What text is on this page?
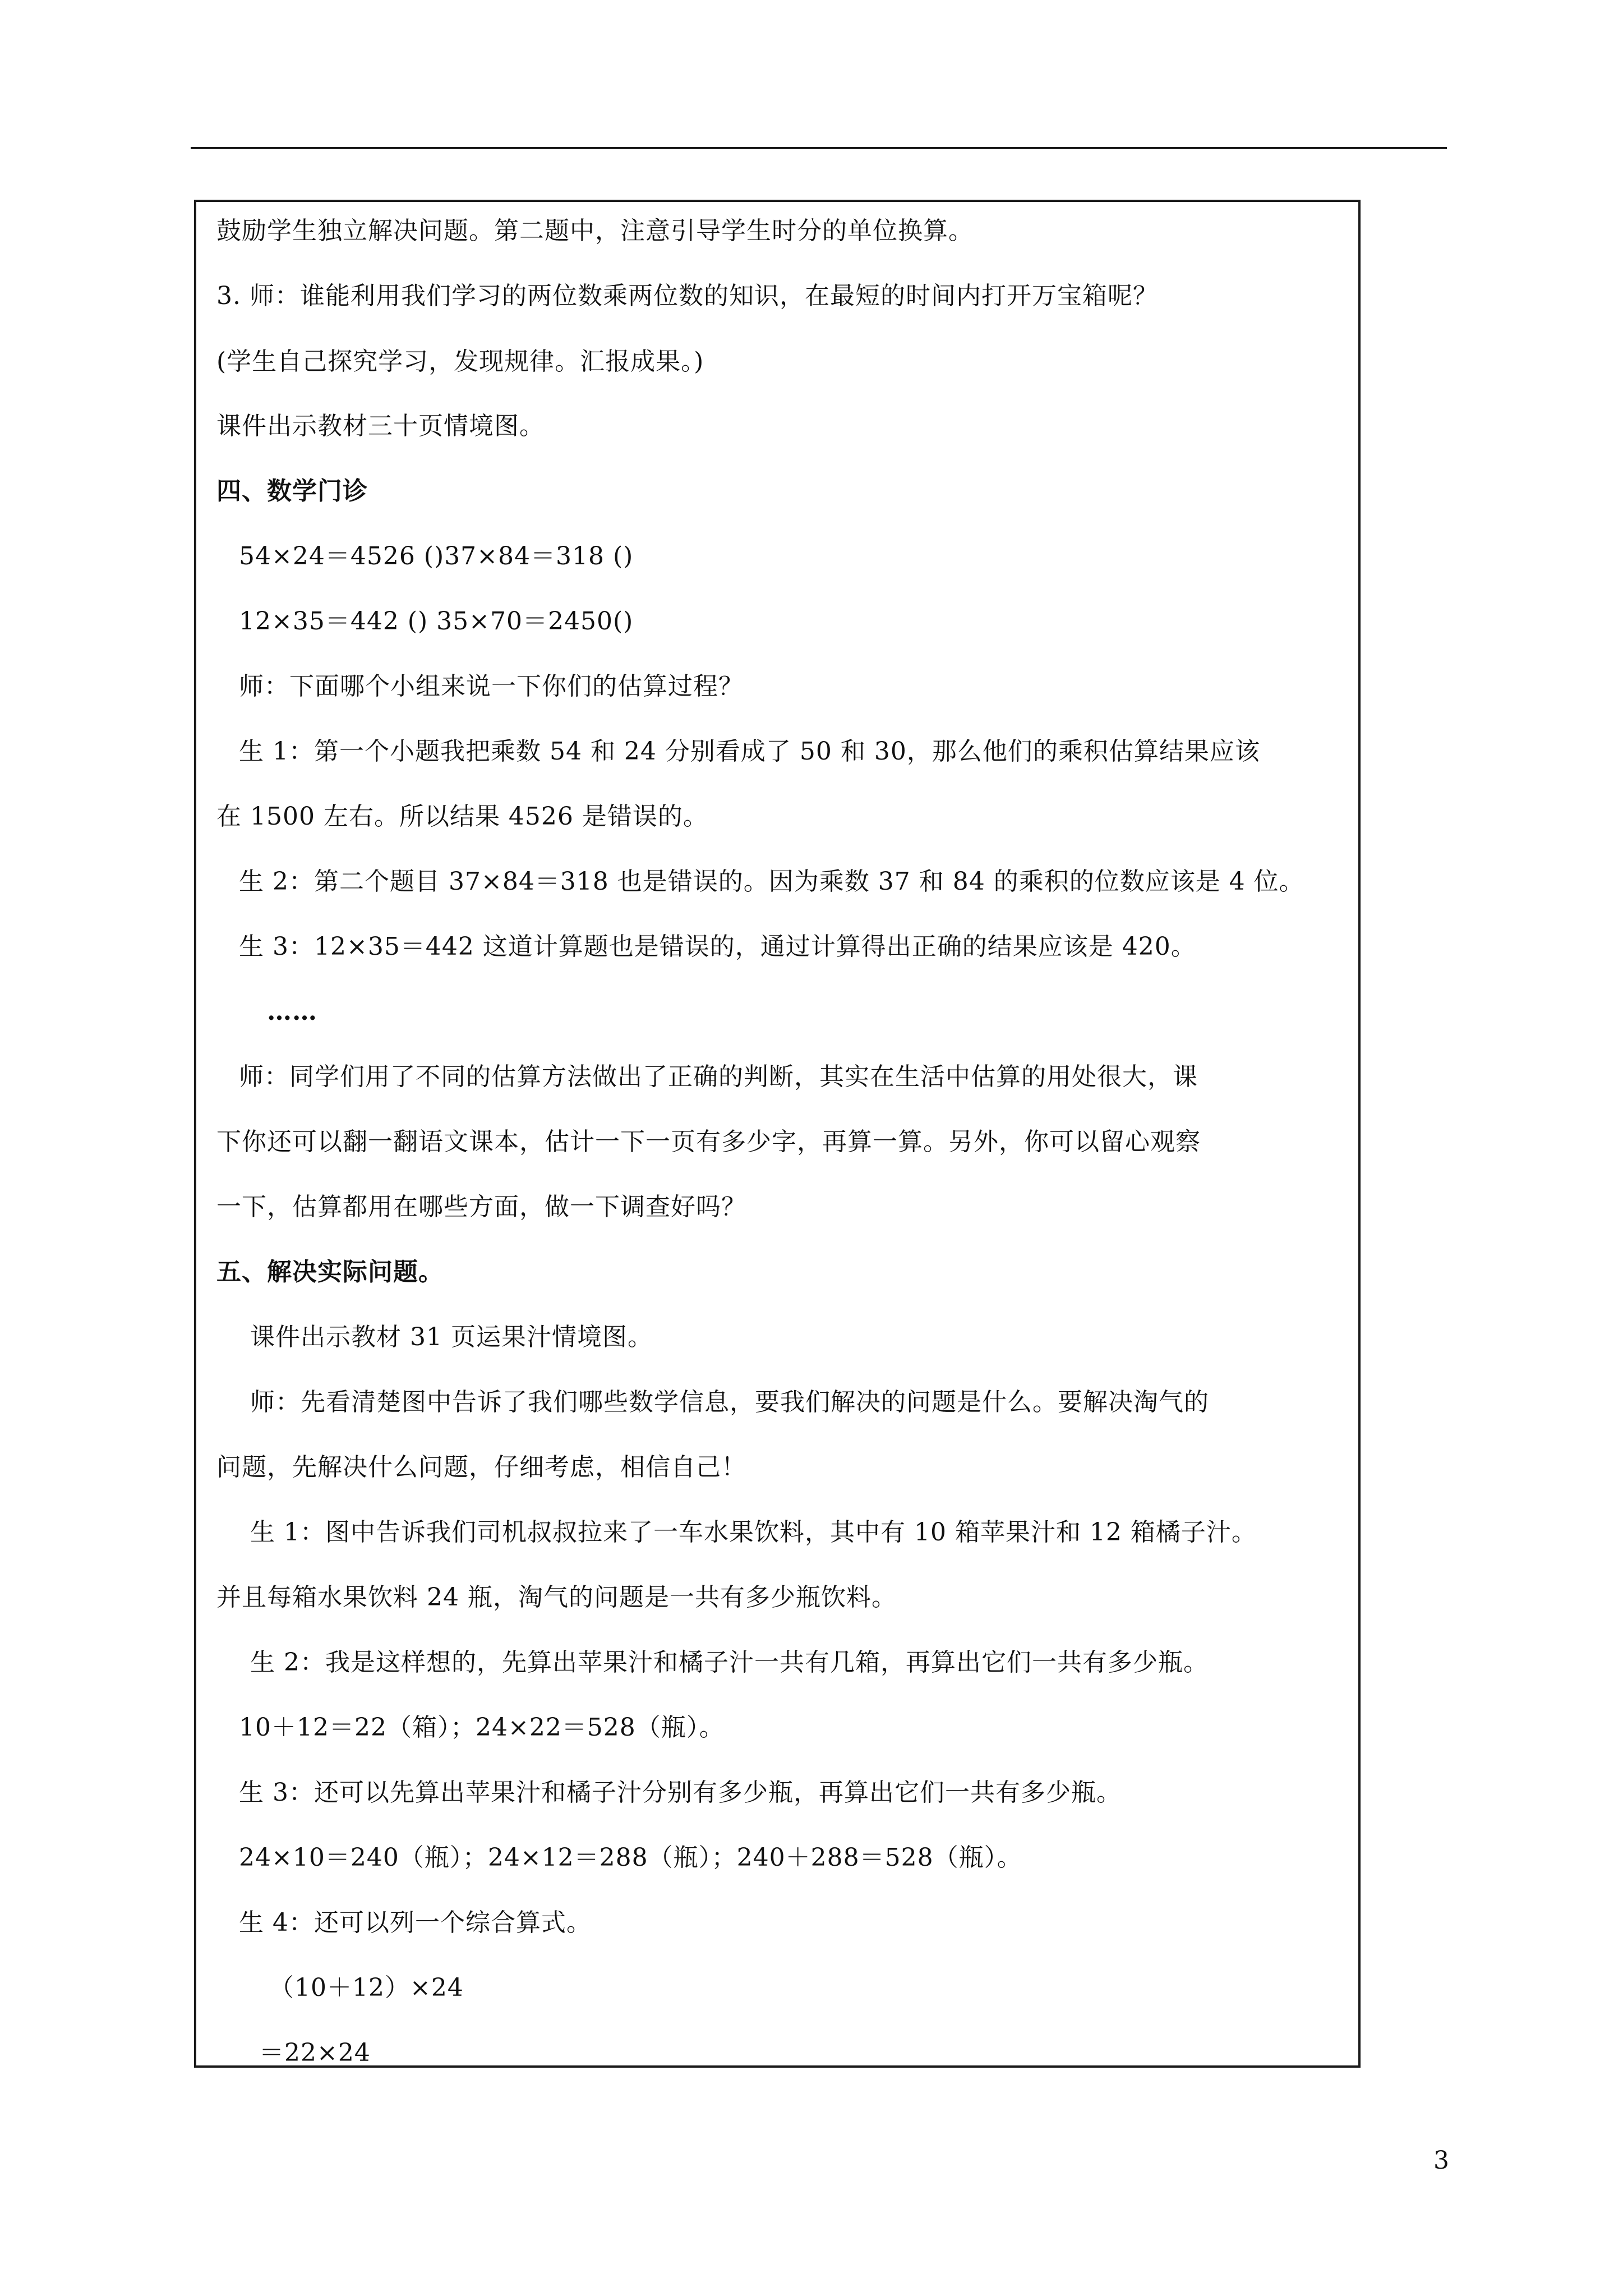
鼓励学生独立解决问题。第二题中，注意引导学生时分的单位换算。
3. 师：谁能利用我们学习的两位数乘两位数的知识，在最短的时间内打开万宝箱呢？
(学生自己探究学习，发现规律。汇报成果。)
课件出示教材三十页情境图。
四、数学门诊
54×24＝4526 ()37×84＝318 ()
12×35＝442 () 35×70＝2450()
师：下面哪个小组来说一下你们的估算过程？
生 1：第一个小题我把乘数 54 和 24 分别看成了 50 和 30，那么他们的乘积估算结果应该
在 1500 左右。所以结果 4526 是错误的。
生 2：第二个题目 37×84＝318 也是错误的。因为乘数 37 和 84 的乘积的位数应该是 4 位。
生 3：12×35＝442 这道计算题也是错误的，通过计算得出正确的结果应该是 420。
……
师：同学们用了不同的估算方法做出了正确的判断，其实在生活中估算的用处很大，课
下你还可以翻一翻语文课本，估计一下一页有多少字，再算一算。另外，你可以留心观察
一下，估算都用在哪些方面，做一下调查好吗？
五、解决实际问题。
课件出示教材 31 页运果汁情境图。
师：先看清楚图中告诉了我们哪些数学信息，要我们解决的问题是什么。要解决淘气的
问题，先解决什么问题，仔细考虑，相信自己！
生 1：图中告诉我们司机叔叔拉来了一车水果饮料，其中有 10 箱苹果汁和 12 箱橘子汁。
并且每箱水果饮料 24 瓶，淘气的问题是一共有多少瓶饮料。
生 2：我是这样想的，先算出苹果汁和橘子汁一共有几箱，再算出它们一共有多少瓶。
10＋12＝22（箱）；24×22＝528（瓶）。
生 3：还可以先算出苹果汁和橘子汁分别有多少瓶，再算出它们一共有多少瓶。
24×10＝240（瓶）；24×12＝288（瓶）；240＋288＝528（瓶）。
生 4：还可以列一个综合算式。
（10＋12）×24
＝22×24
3
